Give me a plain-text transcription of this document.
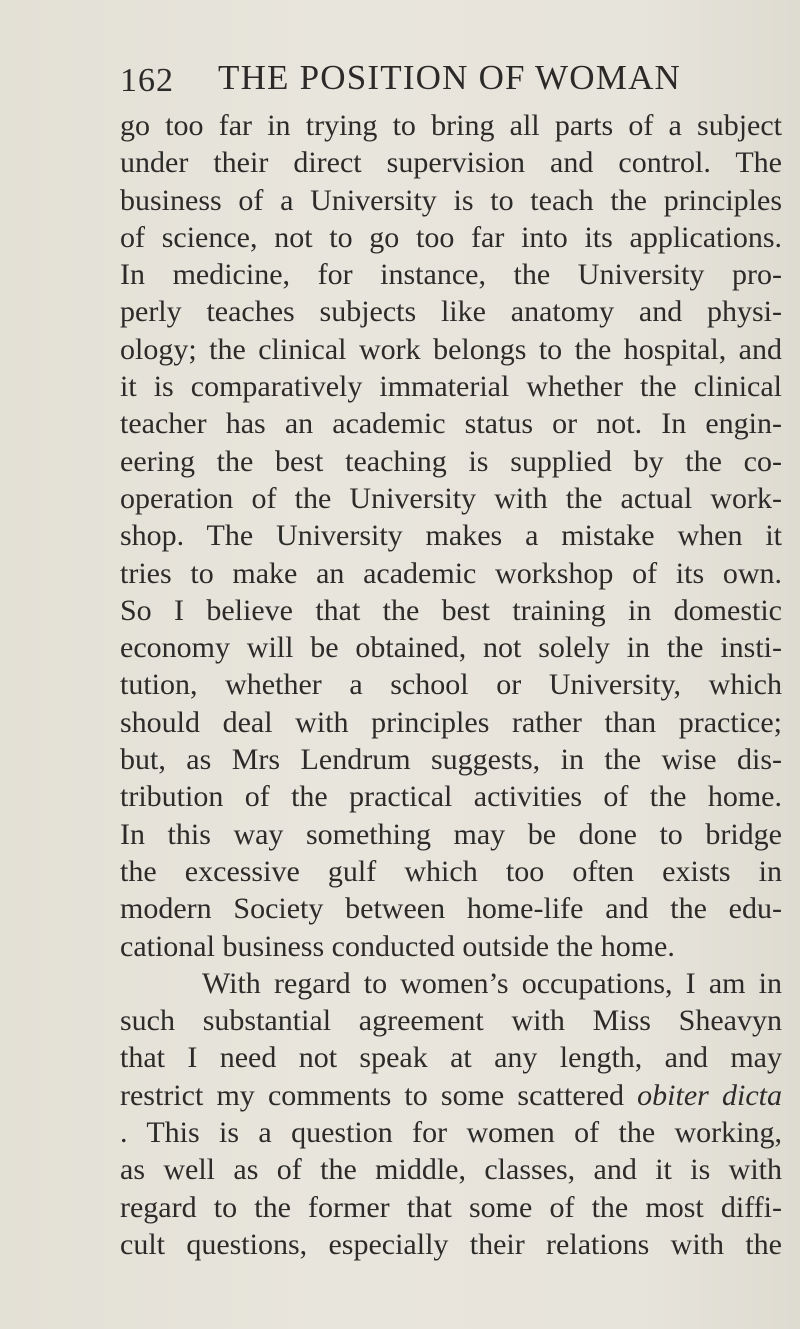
162 THE POSITION OF WOMAN
go too far in trying to bring all parts of a subject
under their direct supervision and control. The
business of a University is to teach the principles
of science, not to go too far into its applications.
In medicine, for instance, the University pro-
perly teaches subjects like anatomy and physi-
ology; the clinical work belongs to the hospital, and
it is comparatively immaterial whether the clinical
teacher has an academic status or not. In engin-
eering the best teaching is supplied by the co-
operation of the University with the actual work-
shop. The University makes a mistake when it
tries to make an academic workshop of its own.
So I believe that the best training in domestic
economy will be obtained, not solely in the insti-
tution, whether a school or University, which
should deal with principles rather than practice;
but, as Mrs Lendrum suggests, in the wise dis-
tribution of the practical activities of the home.
In this way something may be done to bridge
the excessive gulf which too often exists in
modern Society between home-life and the edu-
cational business conducted outside the home.
With regard to women’s occupations, I am in
such substantial agreement with Miss Sheavyn
that I need not speak at any length, and may
restrict my comments to some scattered obiter dicta
. This is a question for women of the working,
as well as of the middle, classes, and it is with
regard to the former that some of the most diffi-
cult questions, especially their relations with the
